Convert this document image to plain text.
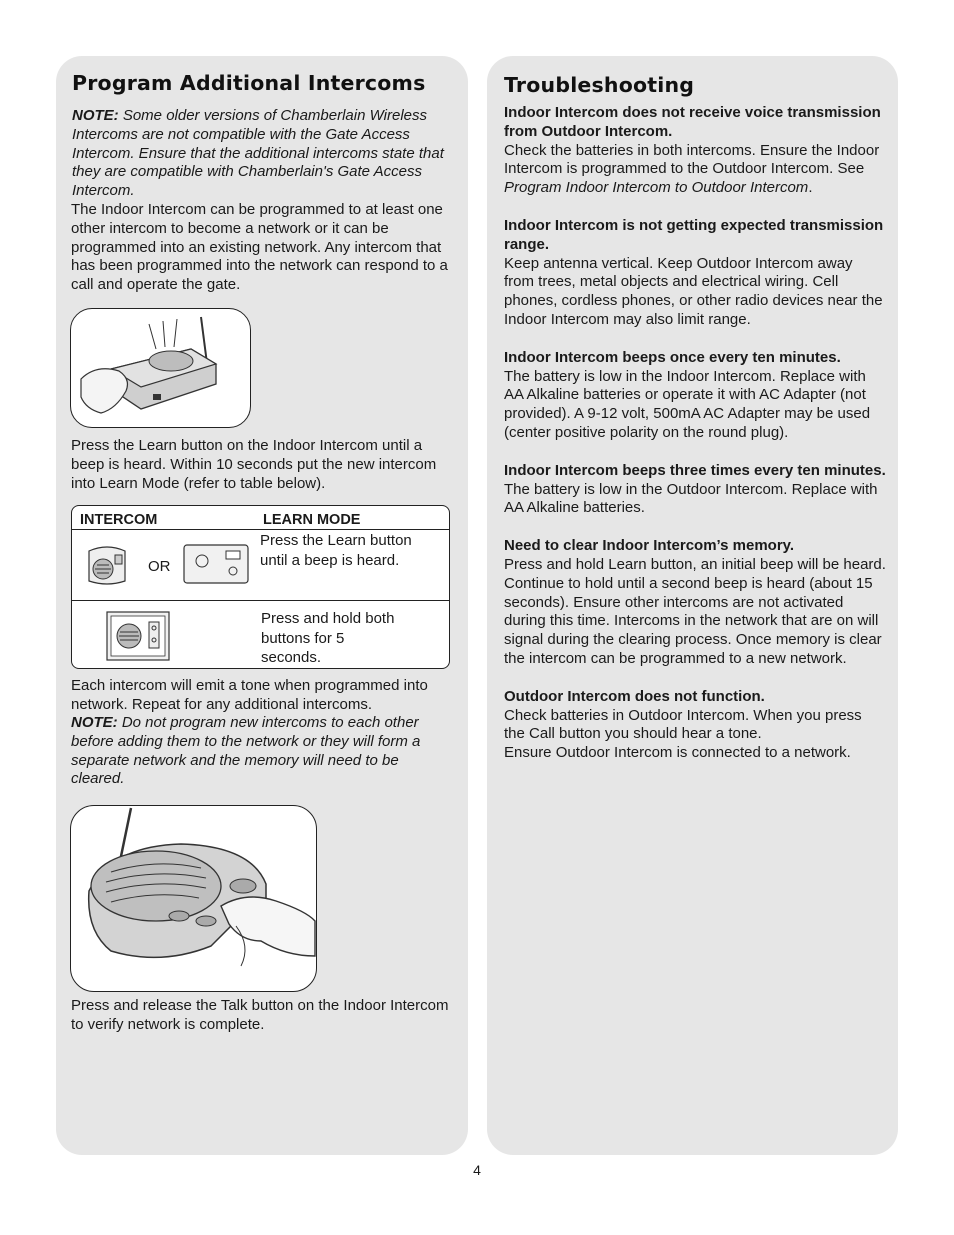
Program Additional Intercoms

NOTE: Some older versions of Chamberlain Wireless Intercoms are not compatible with the Gate Access Intercom. Ensure that the additional intercoms state that they are compatible with Chamberlain's Gate Access Intercom.

The Indoor Intercom can be programmed to at least one other intercom to become a network or it can be programmed into an existing network. Any intercom that has been programmed into the network can respond to a call and operate the gate.

Press the Learn button on the Indoor Intercom until a beep is heard. Within 10 seconds put the new intercom into Learn Mode (refer to table below).

INTERCOM	LEARN MODE
OR
Press the Learn button until a beep is heard.
Press and hold both buttons for 5 seconds.

Each intercom will emit a tone when programmed into network. Repeat for any additional intercoms.

NOTE: Do not program new intercoms to each other before adding them to the network or they will form a separate network and the memory will need to be cleared.

Press and release the Talk button on the Indoor Intercom to verify network is complete.

Troubleshooting
Indoor Intercom does not receive voice transmission from Outdoor Intercom.
Check the batteries in both intercoms. Ensure the Indoor Intercom is programmed to the Outdoor Intercom. See Program Indoor Intercom to Outdoor Intercom.
Indoor Intercom is not getting expected transmission range.
Keep antenna vertical. Keep Outdoor Intercom away from trees, metal objects and electrical wiring. Cell phones, cordless phones, or other radio devices near the Indoor Intercom may also limit range.
Indoor Intercom beeps once every ten minutes.
The battery is low in the Indoor Intercom. Replace with AA Alkaline batteries or operate it with AC Adapter (not provided). A 9-12 volt, 500mA AC Adapter may be used (center positive polarity on the round plug).
Indoor Intercom beeps three times every ten minutes.
The battery is low in the Outdoor Intercom. Replace with AA Alkaline batteries.
Need to clear Indoor Intercom’s memory.
Press and hold Learn button, an initial beep will be heard. Continue to hold until a second beep is heard (about 15 seconds). Ensure other intercoms are not activated during this time. Intercoms in the network that are on will signal during the clearing process. Once memory is clear the intercom can be programmed to a new network.
Outdoor Intercom does not function.
Check batteries in Outdoor Intercom. When you press the Call button you should hear a tone.
Ensure Outdoor Intercom is connected to a network.
4
